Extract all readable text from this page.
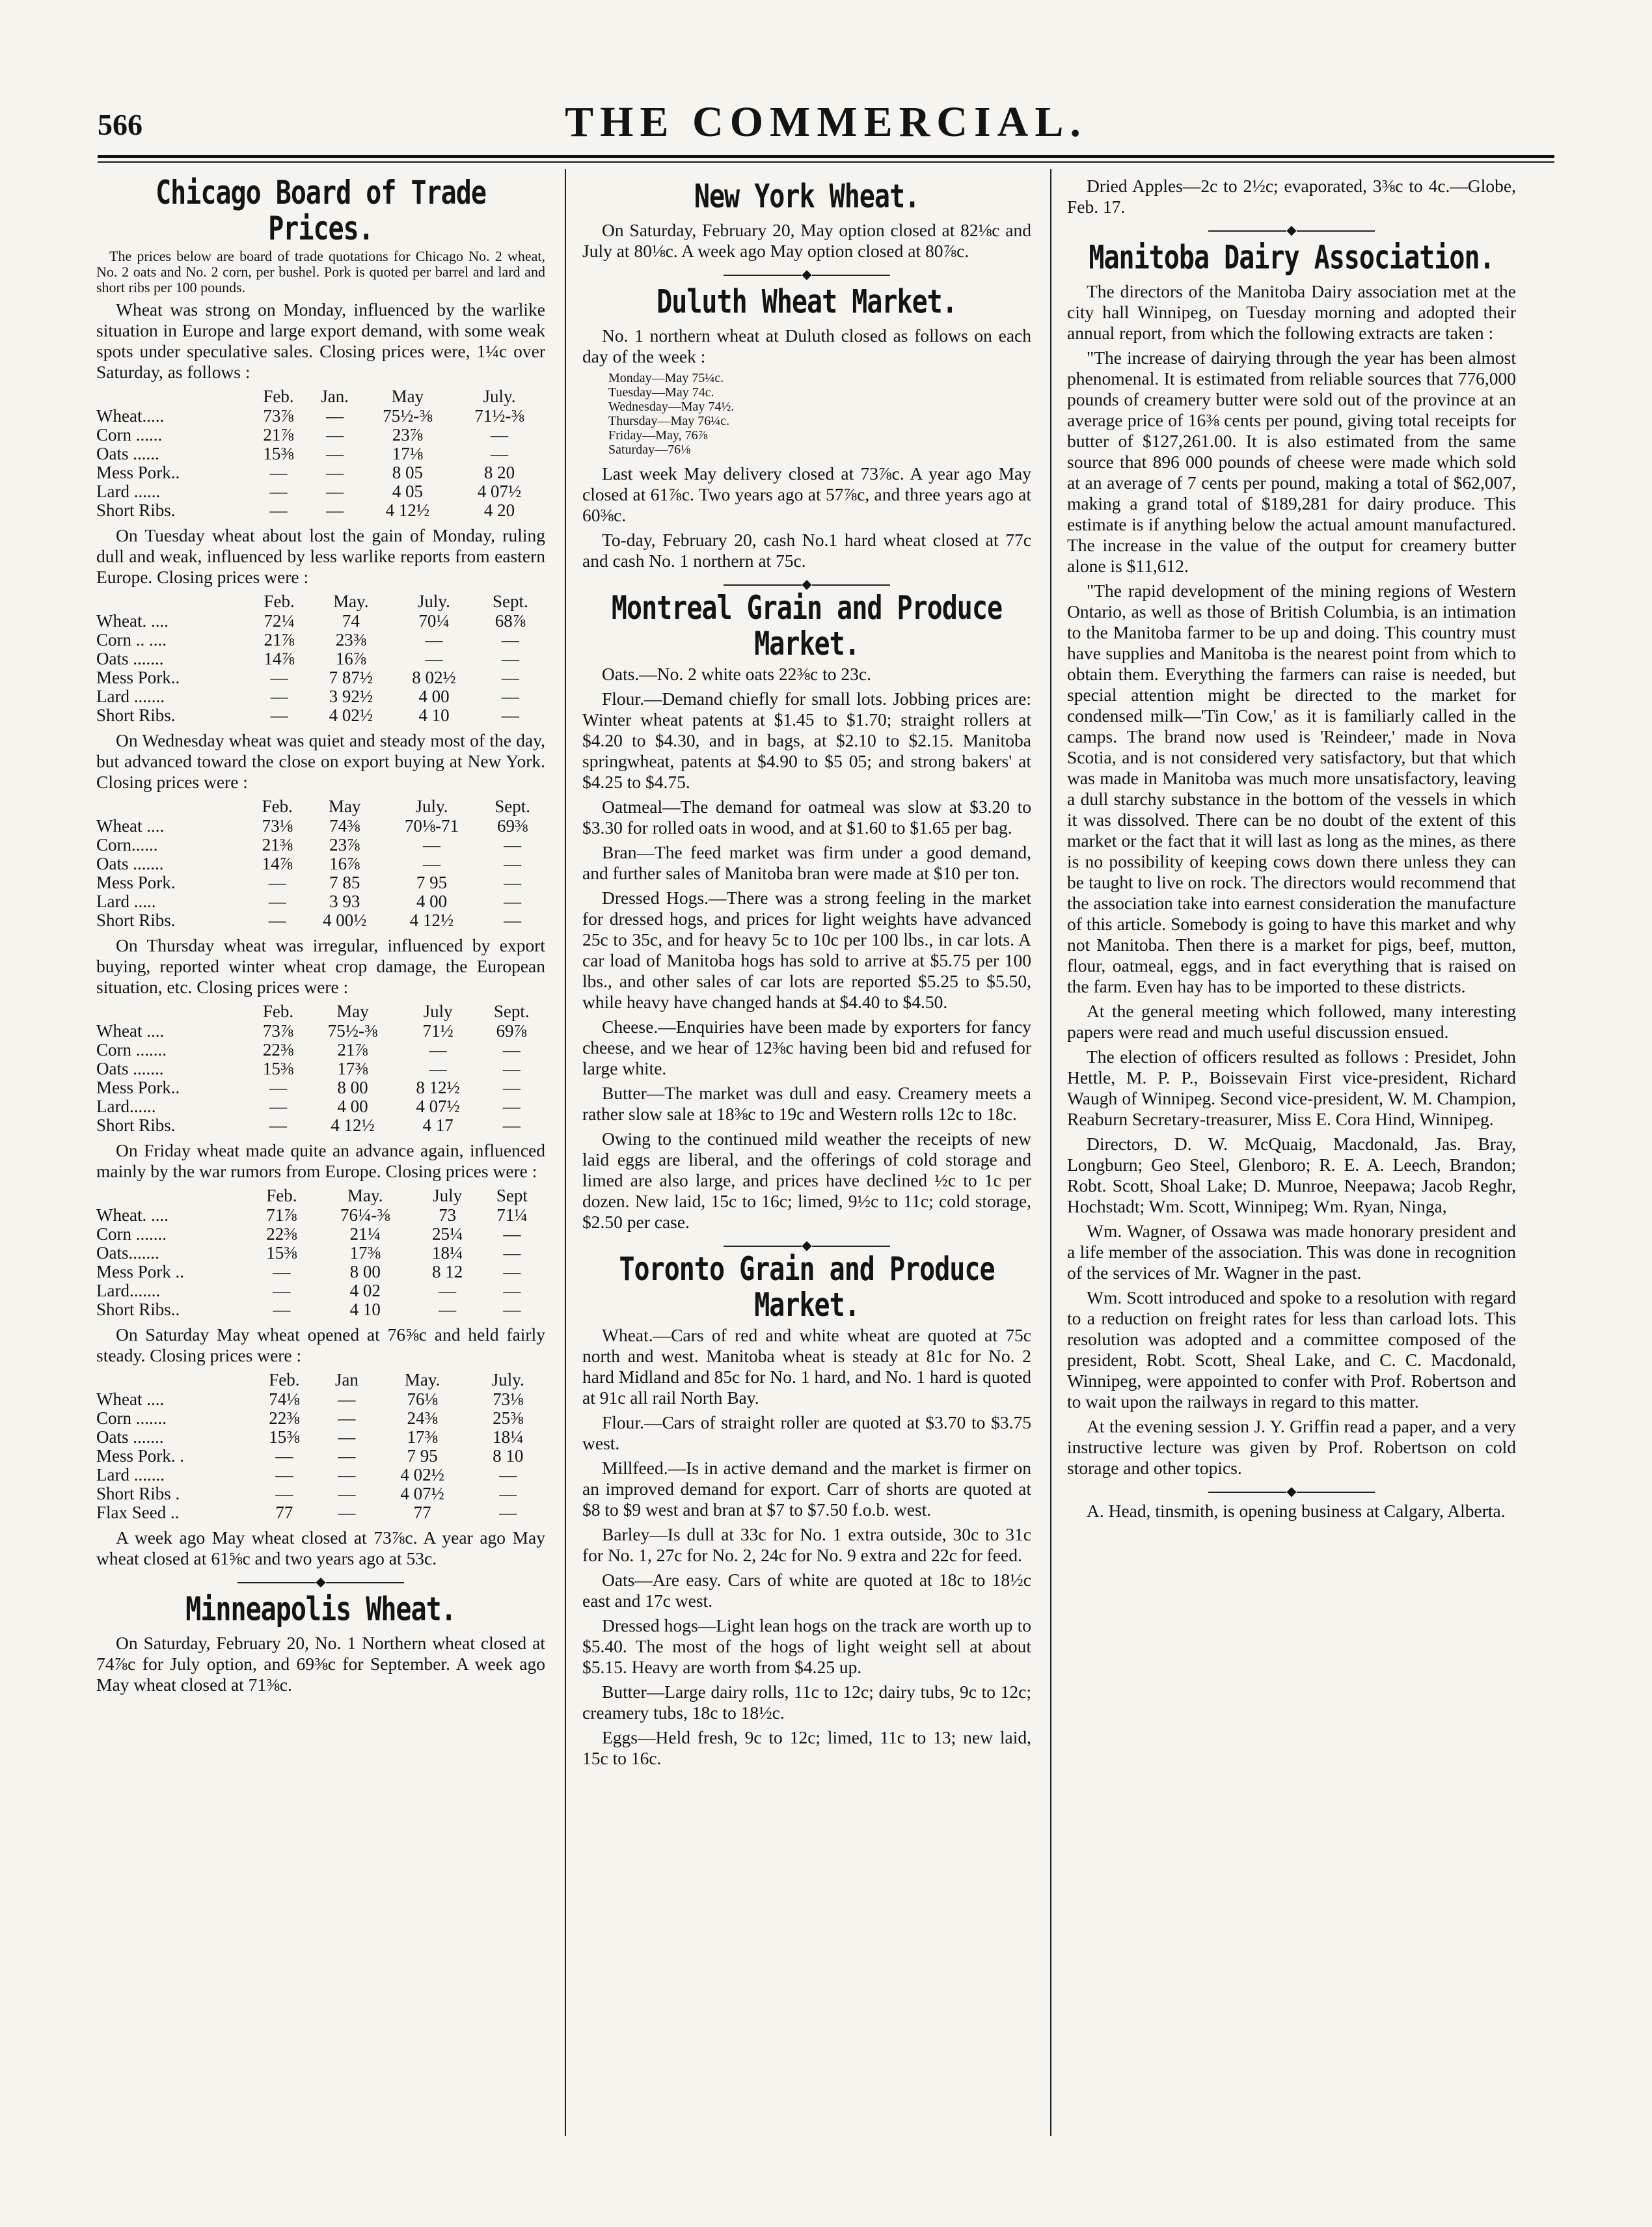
566	THE COMMERCIAL.
Chicago Board of Trade Prices.

The prices below are board of trade quotations for Chicago No. 2 wheat, No. 2 oats and No. 2 corn, per bushel. Pork is quoted per barrel and lard and short ribs per 100 pounds.

Wheat was strong on Monday, influenced by the warlike situation in Europe and large export demand, with some weak spots under speculative sales. Closing prices were, 1¼c over Saturday, as follows :

	Feb.	Jan.	May	July.
Wheat.....	73⅞	—	75½-⅜	71½-⅜
Corn ......	21⅞	—	23⅞	—
Oats ......	15⅜	—	17⅛	—
Mess Pork..	—	—	8 05	8 20
Lard ......	—	—	4 05	4 07½
Short Ribs.	—	—	4 12½	4 20

On Tuesday wheat about lost the gain of Monday, ruling dull and weak, influenced by less warlike reports from eastern Europe. Closing prices were :

	Feb.	May.	July.	Sept.
Wheat. ....	72¼	74	70¼	68⅞
Corn .. ....	21⅞	23⅜	—	—
Oats .......	14⅞	16⅞	—	—
Mess Pork..	—	7 87½	8 02½	—
Lard .......	—	3 92½	4 00	—
Short Ribs.	—	4 02½	4 10	—

On Wednesday wheat was quiet and steady most of the day, but advanced toward the close on export buying at New York. Closing prices were :

	Feb.	May	July.	Sept.
Wheat ....	73⅛	74⅜	70⅛-71	69⅜
Corn......	21⅜	23⅞	—	—
Oats .......	14⅞	16⅞	—	—
Mess Pork.	—	7 85	7 95	—
Lard .....	—	3 93	4 00	—
Short Ribs.	—	4 00½	4 12½	—

On Thursday wheat was irregular, influenced by export buying, reported winter wheat crop damage, the European situation, etc. Closing prices were :

	Feb.	May	July	Sept.
Wheat ....	73⅞	75½-⅜	71½	69⅞
Corn .......	22⅜	21⅞	—	—
Oats .......	15⅜	17⅜	—	—
Mess Pork..	—	8 00	8 12½	—
Lard......	—	4 00	4 07½	—
Short Ribs.	—	4 12½	4 17	—

On Friday wheat made quite an advance again, influenced mainly by the war rumors from Europe. Closing prices were :

	Feb.	May.	July	Sept
Wheat. ....	71⅞	76¼-⅜	73	71¼
Corn .......	22⅜	21¼	25¼	—
Oats.......	15⅜	17⅜	18¼	—
Mess Pork ..	—	8 00	8 12	—
Lard.......	—	4 02	—	—
Short Ribs..	—	4 10	—	—

On Saturday May wheat opened at 76⅝c and held fairly steady. Closing prices were :

	Feb.	Jan	May.	July.
Wheat ....	74⅛	—	76⅛	73⅛
Corn .......	22⅜	—	24⅜	25⅜
Oats .......	15⅜	—	17⅜	18¼
Mess Pork. .	—	—	7 95	8 10
Lard .......	—	—	4 02½	—
Short Ribs .	—	—	4 07½	—
Flax Seed ..	77	—	77	—

A week ago May wheat closed at 73⅞c. A year ago May wheat closed at 61⅝c and two years ago at 53c.

◆
Minneapolis Wheat.

On Saturday, February 20, No. 1 Northern wheat closed at 74⅞c for July option, and 69⅜c for September. A week ago May wheat closed at 71⅜c.

New York Wheat.

On Saturday, February 20, May option closed at 82⅛c and July at 80⅛c. A week ago May option closed at 80⅞c.

◆
Duluth Wheat Market.

No. 1 northern wheat at Duluth closed as follows on each day of the week :

Monday—May 75¼c.
Tuesday—May 74c.
Wednesday—May 74½.
Thursday—May 76¼c.
Friday—May, 76⅞
Saturday—76⅛

Last week May delivery closed at 73⅞c. A year ago May closed at 61⅞c. Two years ago at 57⅞c, and three years ago at 60⅜c.

To-day, February 20, cash No.1 hard wheat closed at 77c and cash No. 1 northern at 75c.

◆
Montreal Grain and Produce Market.

Oats.—No. 2 white oats 22⅜c to 23c.

Flour.—Demand chiefly for small lots. Jobbing prices are: Winter wheat patents at $1.45 to $1.70; straight rollers at $4.20 to $4.30, and in bags, at $2.10 to $2.15. Manitoba springwheat, patents at $4.90 to $5 05; and strong bakers' at $4.25 to $4.75.

Oatmeal—The demand for oatmeal was slow at $3.20 to $3.30 for rolled oats in wood, and at $1.60 to $1.65 per bag.

Bran—The feed market was firm under a good demand, and further sales of Manitoba bran were made at $10 per ton.

Dressed Hogs.—There was a strong feeling in the market for dressed hogs, and prices for light weights have advanced 25c to 35c, and for heavy 5c to 10c per 100 lbs., in car lots. A car load of Manitoba hogs has sold to arrive at $5.75 per 100 lbs., and other sales of car lots are reported $5.25 to $5.50, while heavy have changed hands at $4.40 to $4.50.

Cheese.—Enquiries have been made by exporters for fancy cheese, and we hear of 12⅜c having been bid and refused for large white.

Butter—The market was dull and easy. Creamery meets a rather slow sale at 18⅜c to 19c and Western rolls 12c to 18c.

Owing to the continued mild weather the receipts of new laid eggs are liberal, and the offerings of cold storage and limed are also large, and prices have declined ½c to 1c per dozen. New laid, 15c to 16c; limed, 9½c to 11c; cold storage, $2.50 per case.

◆
Toronto Grain and Produce Market.

Wheat.—Cars of red and white wheat are quoted at 75c north and west. Manitoba wheat is steady at 81c for No. 2 hard Midland and 85c for No. 1 hard, and No. 1 hard is quoted at 91c all rail North Bay.

Flour.—Cars of straight roller are quoted at $3.70 to $3.75 west.

Millfeed.—Is in active demand and the market is firmer on an improved demand for export. Carr of shorts are quoted at $8 to $9 west and bran at $7 to $7.50 f.o.b. west.

Barley—Is dull at 33c for No. 1 extra outside, 30c to 31c for No. 1, 27c for No. 2, 24c for No. 9 extra and 22c for feed.

Oats—Are easy. Cars of white are quoted at 18c to 18½c east and 17c west.

Dressed hogs—Light lean hogs on the track are worth up to $5.40. The most of the hogs of light weight sell at about $5.15. Heavy are worth from $4.25 up.

Butter—Large dairy rolls, 11c to 12c; dairy tubs, 9c to 12c; creamery tubs, 18c to 18½c.

Eggs—Held fresh, 9c to 12c; limed, 11c to 13; new laid, 15c to 16c.

Dried Apples—2c to 2½c; evaporated, 3⅜c to 4c.—Globe, Feb. 17.

◆
Manitoba Dairy Association.

The directors of the Manitoba Dairy association met at the city hall Winnipeg, on Tuesday morning and adopted their annual report, from which the following extracts are taken :

"The increase of dairying through the year has been almost phenomenal. It is estimated from reliable sources that 776,000 pounds of creamery butter were sold out of the province at an average price of 16⅜ cents per pound, giving total receipts for butter of $127,261.00. It is also estimated from the same source that 896 000 pounds of cheese were made which sold at an average of 7 cents per pound, making a total of $62,007, making a grand total of $189,281 for dairy produce. This estimate is if anything below the actual amount manufactured. The increase in the value of the output for creamery butter alone is $11,612.

"The rapid development of the mining regions of Western Ontario, as well as those of British Columbia, is an intimation to the Manitoba farmer to be up and doing. This country must have supplies and Manitoba is the nearest point from which to obtain them. Everything the farmers can raise is needed, but special attention might be directed to the market for condensed milk—'Tin Cow,' as it is familiarly called in the camps. The brand now used is 'Reindeer,' made in Nova Scotia, and is not considered very satisfactory, but that which was made in Manitoba was much more unsatisfactory, leaving a dull starchy substance in the bottom of the vessels in which it was dissolved. There can be no doubt of the extent of this market or the fact that it will last as long as the mines, as there is no possibility of keeping cows down there unless they can be taught to live on rock. The directors would recommend that the association take into earnest consideration the manufacture of this article. Somebody is going to have this market and why not Manitoba. Then there is a market for pigs, beef, mutton, flour, oatmeal, eggs, and in fact everything that is raised on the farm. Even hay has to be imported to these districts.

At the general meeting which followed, many interesting papers were read and much useful discussion ensued.

The election of officers resulted as follows : Presidet, John Hettle, M. P. P., Boissevain First vice-president, Richard Waugh of Winnipeg. Second vice-president, W. M. Champion, Reaburn Secretary-treasurer, Miss E. Cora Hind, Winnipeg.

Directors, D. W. McQuaig, Macdonald, Jas. Bray, Longburn; Geo Steel, Glenboro; R. E. A. Leech, Brandon; Robt. Scott, Shoal Lake; D. Munroe, Neepawa; Jacob Reghr, Hochstadt; Wm. Scott, Winnipeg; Wm. Ryan, Ninga,

Wm. Wagner, of Ossawa was made honorary president and a life member of the association. This was done in recognition of the services of Mr. Wagner in the past.

Wm. Scott introduced and spoke to a resolution with regard to a reduction on freight rates for less than carload lots. This resolution was adopted and a committee composed of the president, Robt. Scott, Sheal Lake, and C. C. Macdonald, Winnipeg, were appointed to confer with Prof. Robertson and to wait upon the railways in regard to this matter.

At the evening session J. Y. Griffin read a paper, and a very instructive lecture was given by Prof. Robertson on cold storage and other topics.

◆

A. Head, tinsmith, is opening business at Calgary, Alberta.
